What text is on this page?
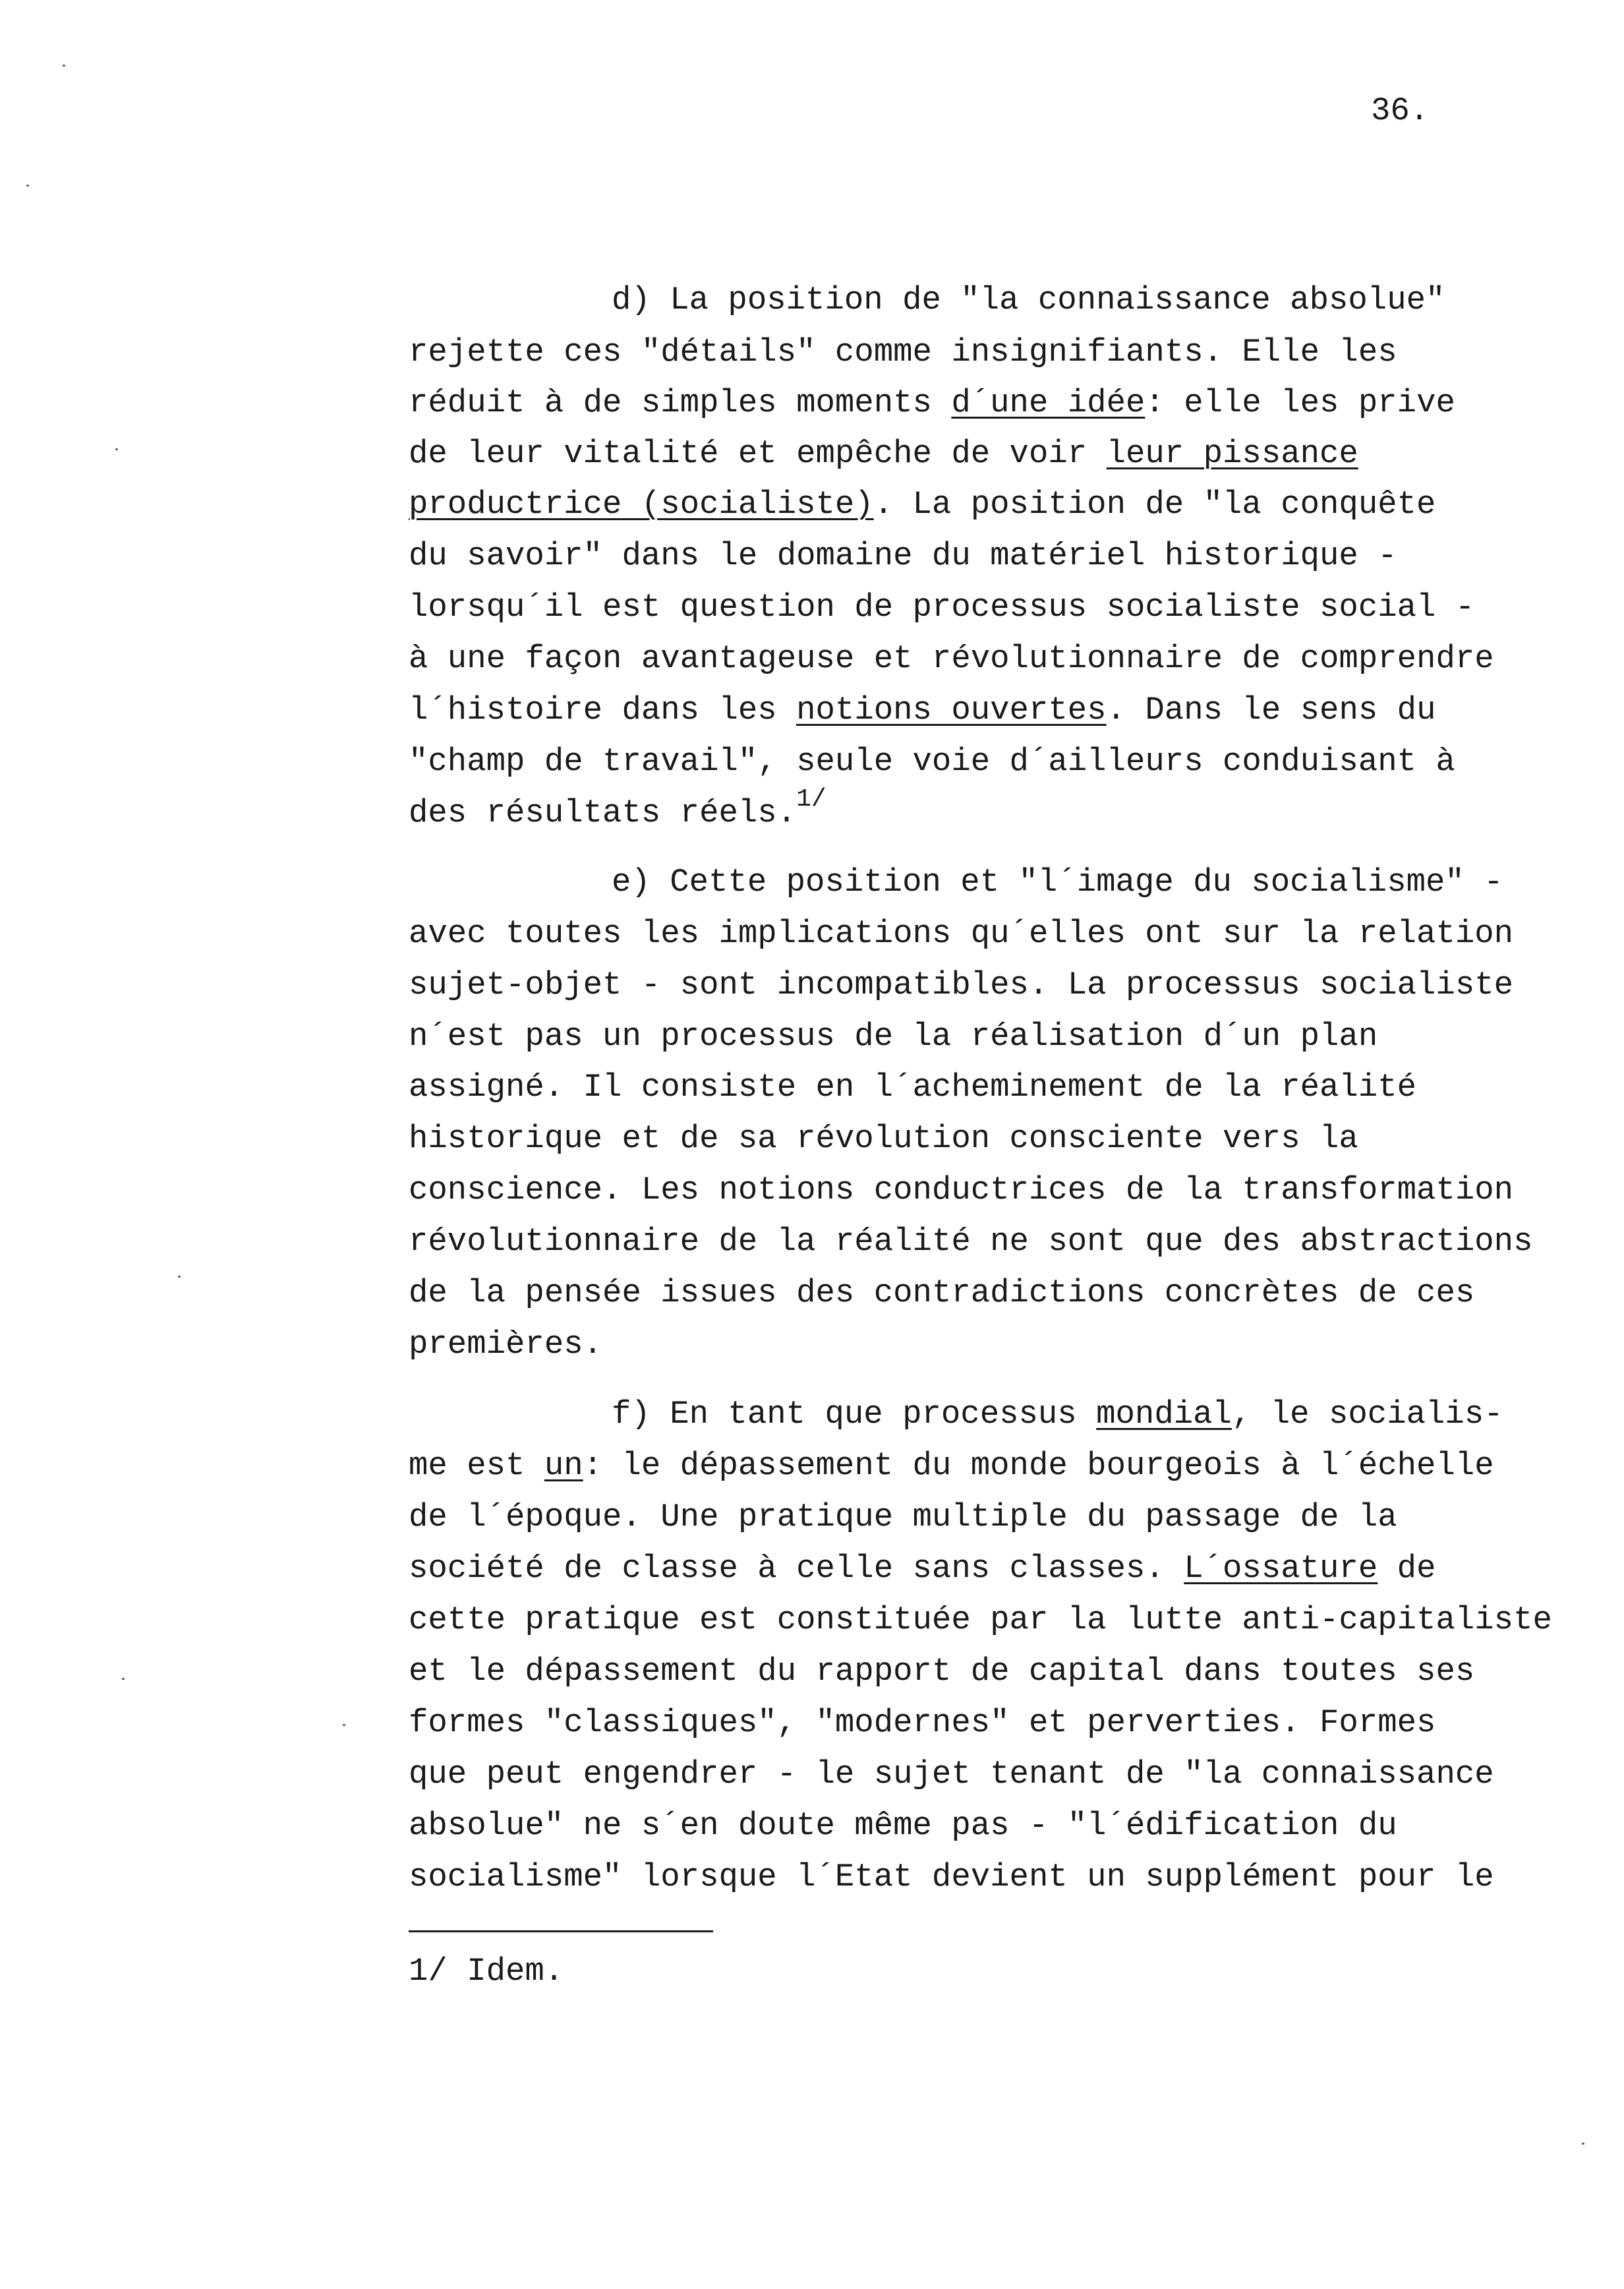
36.
d) La position de "la connaissance absolue"
rejette ces "détails" comme insignifiants. Elle les
réduit à de simples moments d´une idée: elle les prive
de leur vitalité et empêche de voir leur pissance
productrice (socialiste). La position de "la conquête
du savoir" dans le domaine du matériel historique -
lorsqu´il est question de processus socialiste social -
à une façon avantageuse et révolutionnaire de comprendre
l´histoire dans les notions ouvertes. Dans le sens du
"champ de travail", seule voie d´ailleurs conduisant à
des résultats réels.$^{1/}$
e) Cette position et "l´image du socialisme" -
avec toutes les implications qu´elles ont sur la relation
sujet-objet - sont incompatibles. La processus socialiste
n´est pas un processus de la réalisation d´un plan
assigné. Il consiste en l´acheminement de la réalité
historique et de sa révolution consciente vers la
conscience. Les notions conductrices de la transformation
révolutionnaire de la réalité ne sont que des abstractions
de la pensée issues des contradictions concrètes de ces
premières.
f) En tant que processus mondial, le socialis-
me est un: le dépassement du monde bourgeois à l´échelle
de l´époque. Une pratique multiple du passage de la
société de classe à celle sans classes. L´ossature de
cette pratique est constituée par la lutte anti-capitaliste
et le dépassement du rapport de capital dans toutes ses
formes "classiques", "modernes" et perverties. Formes
que peut engendrer - le sujet tenant de "la connaissance
absolue" ne s´en doute même pas - "l´édification du
socialisme" lorsque l´Etat devient un supplément pour le
1/ Idem.
